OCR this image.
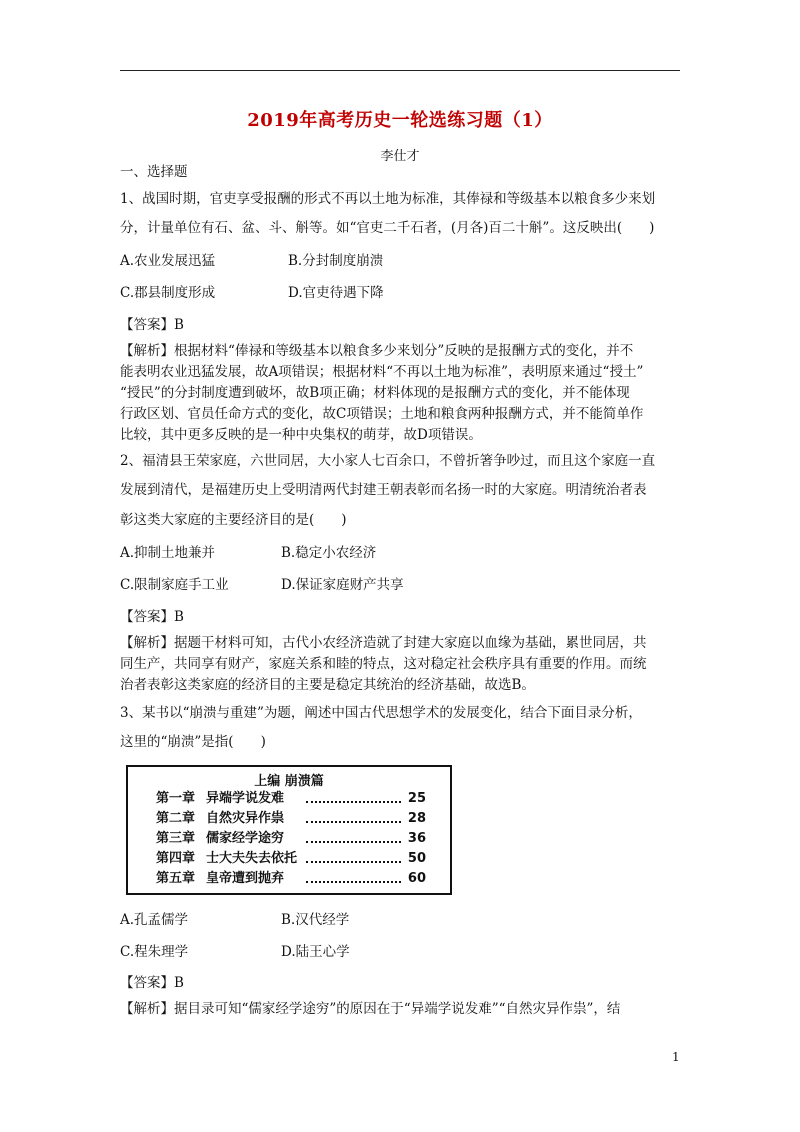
2019年高考历史一轮选练习题（1）
李仕才
一、选择题
1、战国时期，官吏享受报酬的形式不再以土地为标准，其俸禄和等级基本以粮食多少来划
分，计量单位有石、盆、斗、斛等。如“官吏二千石者，(月各)百二十斛”。这反映出(　　)
A.农业发展迅猛	B.分封制度崩溃
C.郡县制度形成	D.官吏待遇下降
【答案】B
【解析】根据材料“俸禄和等级基本以粮食多少来划分”反映的是报酬方式的变化，并不
能表明农业迅猛发展，故A项错误；根据材料“不再以土地为标准”，表明原来通过“授土”
“授民”的分封制度遭到破坏，故B项正确；材料体现的是报酬方式的变化，并不能体现
行政区划、官员任命方式的变化，故C项错误；土地和粮食两种报酬方式，并不能简单作
比较，其中更多反映的是一种中央集权的萌芽，故D项错误。
2、福清县王荣家庭，六世同居，大小家人七百余口，不曾折箸争吵过，而且这个家庭一直
发展到清代，是福建历史上受明清两代封建王朝表彰而名扬一时的大家庭。明清统治者表
彰这类大家庭的主要经济目的是(　　)
A.抑制土地兼并	B.稳定小农经济
C.限制家庭手工业	D.保证家庭财产共享
【答案】B
【解析】据题干材料可知，古代小农经济造就了封建大家庭以血缘为基础，累世同居，共
同生产，共同享有财产，家庭关系和睦的特点，这对稳定社会秩序具有重要的作用。而统
治者表彰这类家庭的经济目的主要是稳定其统治的经济基础，故选B。
3、某书以“崩溃与重建”为题，阐述中国古代思想学术的发展变化，结合下面目录分析，
这里的“崩溃”是指(　　)
上编 崩溃篇
第一章 异端学说发难	25
第二章 自然灾异作祟	28
第三章 儒家经学途穷	36
第四章 士大夫失去依托	50
第五章 皇帝遭到抛弃	60
A.孔孟儒学	B.汉代经学
C.程朱理学	D.陆王心学
【答案】B
【解析】据目录可知“儒家经学途穷”的原因在于“异端学说发难”“自然灾异作祟”，结
1
